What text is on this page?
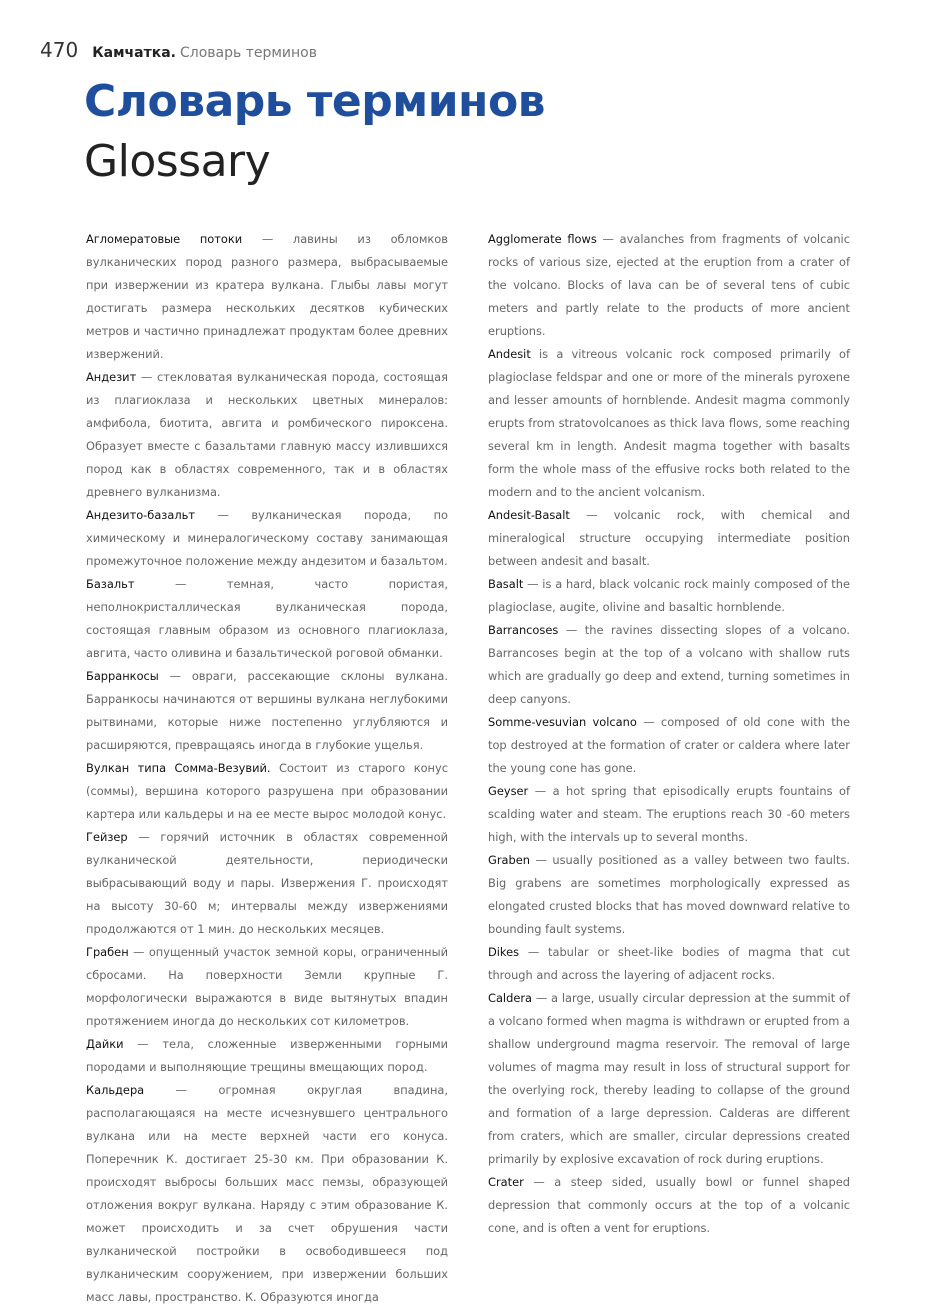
470 Камчатка . Словарь терминов
Словарь терминов
Glossary

Агломератовые потоки — лавины из обломков вулканических пород разного размера, выбрасываемые при извержении из кратера вулкана. Глыбы лавы могут достигать размера нескольких десятков кубических метров и частично принадлежат продуктам более древних извержений.

Андезит — стекловатая вулканическая порода, состоящая из плагиоклаза и нескольких цветных минералов: амфибола, биотита, авгита и ромбического пироксена. Образует вместе с базальтами главную массу излившихся пород как в областях современного, так и в областях древнего вулканизма.

Андезито-базальт — вулканическая порода, по химическому и минералогическому составу занимающая промежуточное положение между андезитом и базальтом.

Базальт — темная, часто пористая, неполнокристаллическая вулканическая порода, состоящая главным образом из основного плагиоклаза, авгита, часто оливина и базальтической роговой обманки.

Барранкосы — овраги, рассекающие склоны вулкана. Барранкосы начинаются от вершины вулкана неглубокими рытвинами, которые ниже постепенно углубляются и расширяются, превращаясь иногда в глубокие ущелья.

Вулкан типа Сомма-Везувий. Состоит из старого конус (соммы), вершина которого разрушена при образовании картера или кальдеры и на ее месте вырос молодой конус.

Гейзер — горячий источник в областях современной вулканической деятельности, периодически выбрасывающий воду и пары. Извержения Г. происходят на высоту 30-60 м; интервалы между извержениями продолжаются от 1 мин. до нескольких месяцев.

Грабен — опущенный участок земной коры, ограниченный сбросами. На поверхности Земли крупные Г. морфологически выражаются в виде вытянутых впадин протяжением иногда до нескольких сот километров.

Дайки — тела, сложенные изверженными горными породами и выполняющие трещины вмещающих пород.

Кальдера — огромная округлая впадина, располагающаяся на месте исчезнувшего центрального вулкана или на месте верхней части его конуса. Поперечник К. достигает 25-30 км. При образовании К. происходят выбросы больших масс пемзы, образующей отложения вокруг вулкана. Наряду с этим образование К. может происходить и за счет обрушения части вулканической постройки в освободившееся под вулканическим сооружением, при извержении больших масс лавы, пространство. К. Образуются иногда

Agglomerate flows — avalanches from fragments of volcanic rocks of various size, ejected at the eruption from a crater of the volcano. Blocks of lava can be of several tens of cubic meters and partly relate to the products of more ancient eruptions.

Andesit is a vitreous volcanic rock composed primarily of plagioclase feldspar and one or more of the minerals pyroxene and lesser amounts of hornblende. Andesit magma commonly erupts from stratovolcanoes as thick lava flows, some reaching several km in length. Andesit magma together with basalts form the whole mass of the effusive rocks both related to the modern and to the ancient volcanism.

Andesit-Basalt — volcanic rock, with chemical and mineralogical structure occupying intermediate position between andesit and basalt.

Basalt — is a hard, black volcanic rock mainly composed of the plagioclase, augite, olivine and basaltic hornblende.

Barrancoses — the ravines dissecting slopes of a volcano. Barrancoses begin at the top of a volcano with shallow ruts which are gradually go deep and extend, turning sometimes in deep canyons.

Somme-vesuvian volcano — composed of old cone with the top destroyed at the formation of crater or caldera where later the young cone has gone.

Geyser — a hot spring that episodically erupts fountains of scalding water and steam. The eruptions reach 30 -60 meters high, with the intervals up to several months.

Graben — usually positioned as a valley between two faults. Big grabens are sometimes morphologically expressed as elongated crusted blocks that has moved downward relative to bounding fault systems.

Dikes — tabular or sheet-like bodies of magma that cut through and across the layering of adjacent rocks.

Caldera — a large, usually circular depression at the summit of a volcano formed when magma is withdrawn or erupted from a shallow underground magma reservoir. The removal of large volumes of magma may result in loss of structural support for the overlying rock, thereby leading to collapse of the ground and formation of a large depression. Calderas are different from craters, which are smaller, circular depressions created primarily by explosive excavation of rock during eruptions.

Crater — a steep sided, usually bowl or funnel shaped depression that commonly occurs at the top of a volcanic cone, and is often a vent for eruptions.
